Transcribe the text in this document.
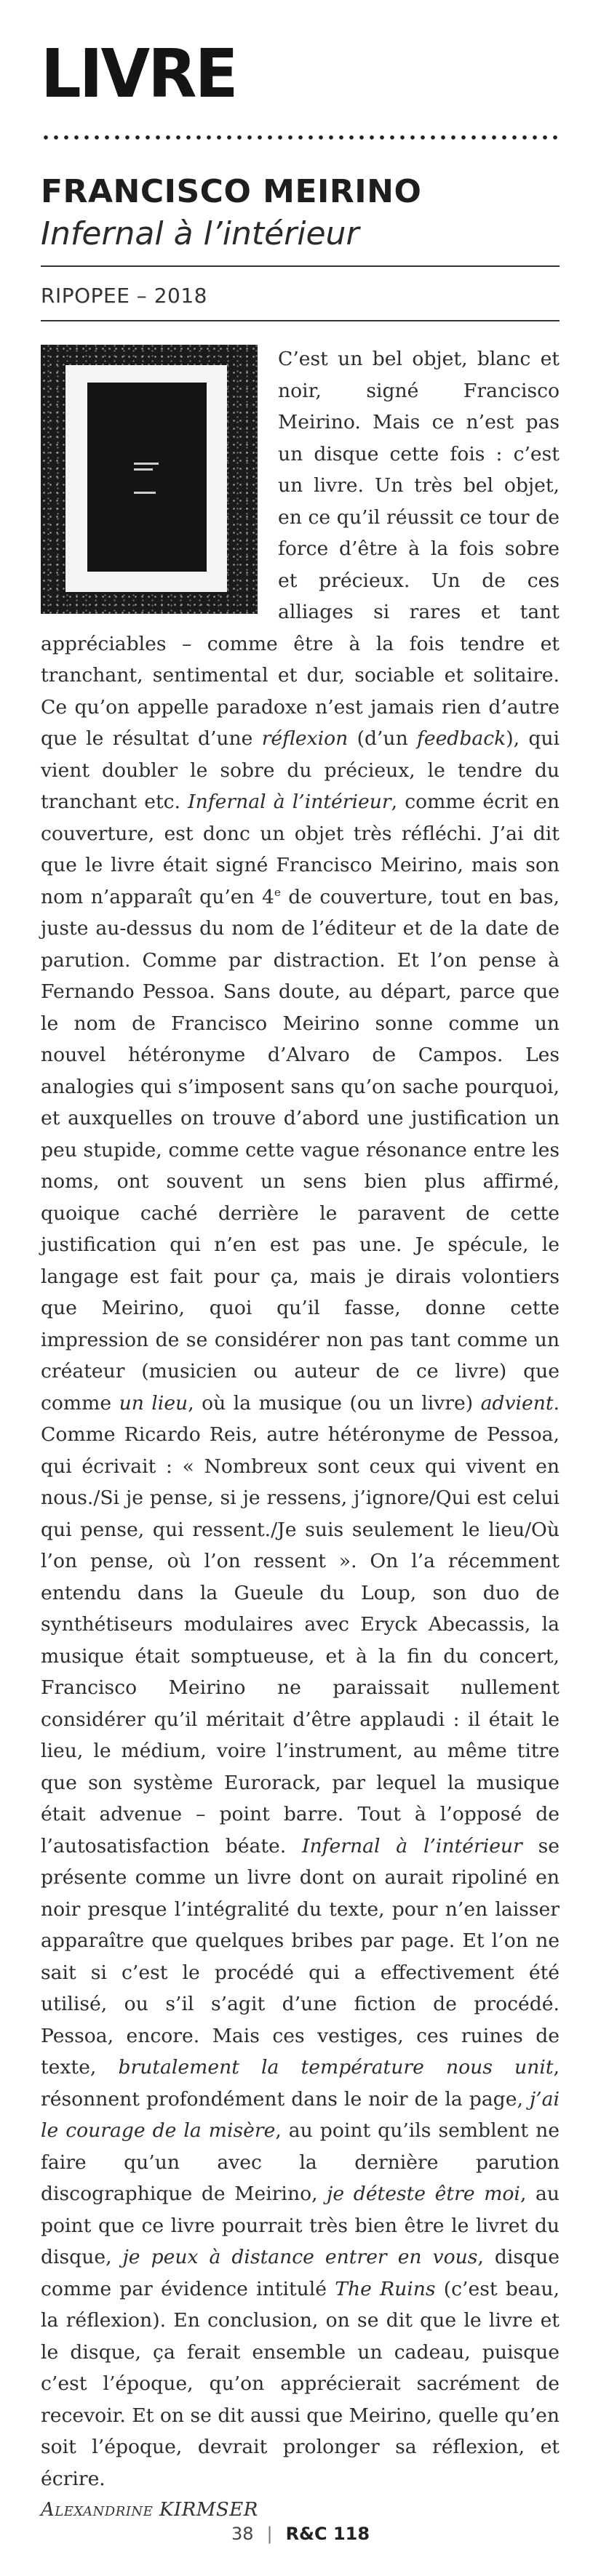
LIVRE
FRANCISCO MEIRINO
Infernal à l’intérieur
RIPOPEE – 2018

C’est un bel objet, blanc et noir, signé Francisco Meirino. Mais ce n’est pas un disque cette fois : c’est un livre. Un très bel objet, en ce qu’il réussit ce tour de force d’être à la fois sobre et précieux. Un de ces alliages si rares et tant appréciables – comme être à la fois tendre et tranchant, sentimental et dur, sociable et solitaire. Ce qu’on appelle paradoxe n’est jamais rien d’autre que le résultat d’une réflexion (d’un feedback), qui vient doubler le sobre du précieux, le tendre du tranchant etc. Infernal à l’intérieur, comme écrit en couverture, est donc un objet très réfléchi. J’ai dit que le livre était signé Francisco Meirino, mais son nom n’apparaît qu’en 4e de couverture, tout en bas, juste au-dessus du nom de l’éditeur et de la date de parution. Comme par distraction. Et l’on pense à Fernando Pessoa. Sans doute, au départ, parce que le nom de Francisco Meirino sonne comme un nouvel hétéronyme d’Alvaro de Campos. Les analogies qui s’imposent sans qu’on sache pourquoi, et auxquelles on trouve d’abord une justification un peu stupide, comme cette vague résonance entre les noms, ont souvent un sens bien plus affirmé, quoique caché derrière le paravent de cette justification qui n’en est pas une. Je spécule, le langage est fait pour ça, mais je dirais volontiers que Meirino, quoi qu’il fasse, donne cette impression de se considérer non pas tant comme un créateur (musicien ou auteur de ce livre) que comme un lieu, où la musique (ou un livre) advient. Comme Ricardo Reis, autre hétéronyme de Pessoa, qui écrivait : « Nombreux sont ceux qui vivent en nous./Si je pense, si je ressens, j’ignore/Qui est celui qui pense, qui ressent./Je suis seulement le lieu/Où l’on pense, où l’on ressent ». On l’a récemment entendu dans la Gueule du Loup, son duo de synthétiseurs modulaires avec Eryck Abecassis, la musique était somptueuse, et à la fin du concert, Francisco Meirino ne paraissait nullement considérer qu’il méritait d’être applaudi : il était le lieu, le médium, voire l’instrument, au même titre que son système Eurorack, par lequel la musique était advenue – point barre. Tout à l’opposé de l’autosatisfaction béate. Infernal à l’intérieur se présente comme un livre dont on aurait ripoliné en noir presque l’intégralité du texte, pour n’en laisser apparaître que quelques bribes par page. Et l’on ne sait si c’est le procédé qui a effectivement été utilisé, ou s’il s’agit d’une fiction de procédé. Pessoa, encore. Mais ces vestiges, ces ruines de texte, brutalement la température nous unit, résonnent profondément dans le noir de la page, j’ai le courage de la misère, au point qu’ils semblent ne faire qu’un avec la dernière parution discographique de Meirino, je déteste être moi, au point que ce livre pourrait très bien être le livret du disque, je peux à distance entrer en vous, disque comme par évidence intitulé The Ruins (c’est beau, la réflexion). En conclusion, on se dit que le livre et le disque, ça ferait ensemble un cadeau, puisque c’est l’époque, qu’on apprécierait sacrément de recevoir. Et on se dit aussi que Meirino, quelle qu’en soit l’époque, devrait prolonger sa réflexion, et écrire.

Alexandrine KIRMSER

38 | R&C 118
